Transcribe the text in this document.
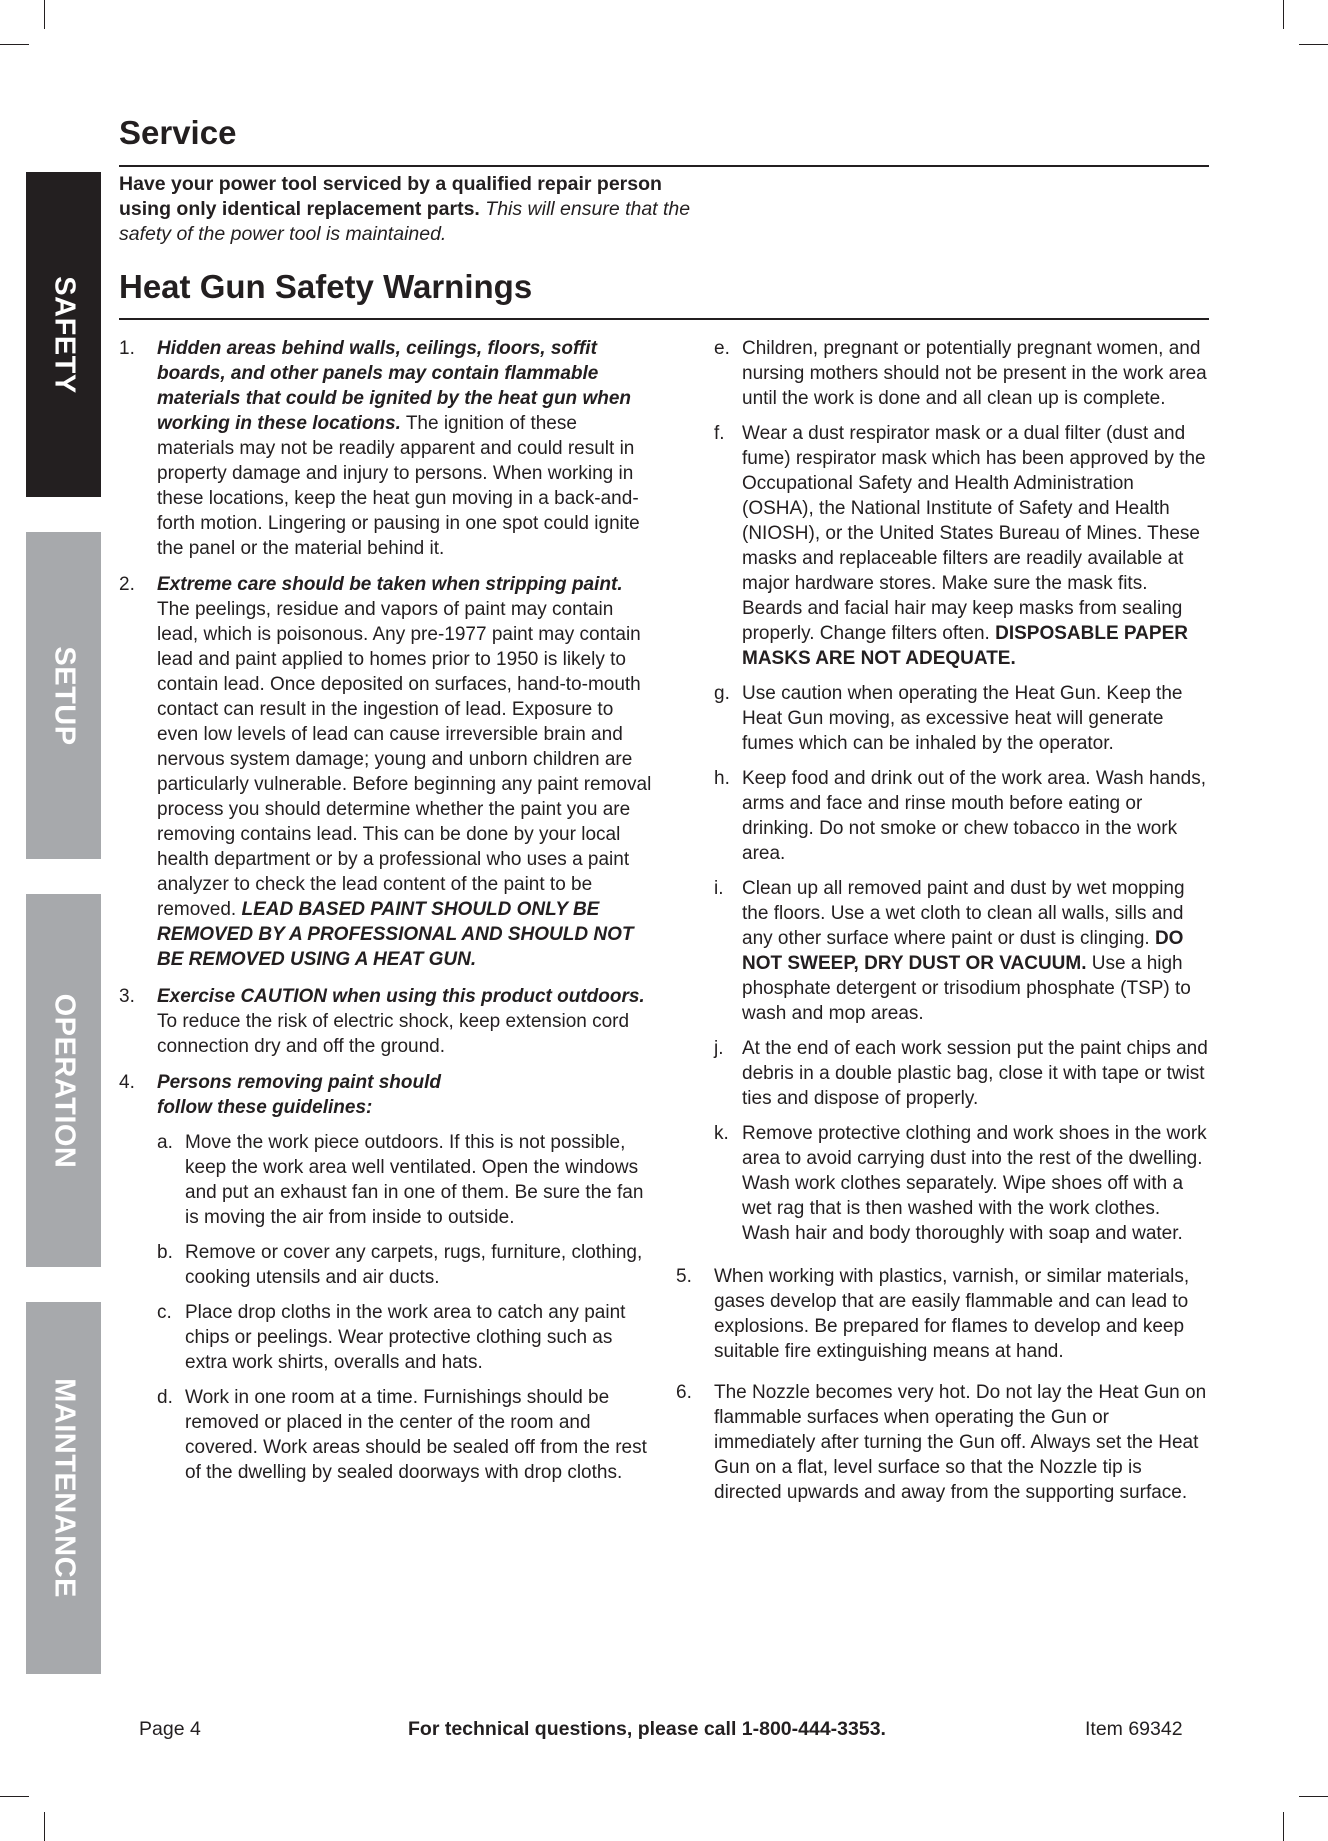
SAFETY
SETUP
OPERATION
MAINTENANCE
Service
Have your power tool serviced by a qualified repair person using only identical replacement parts. This will ensure that the safety of the power tool is maintained.
Heat Gun Safety Warnings
1. Hidden areas behind walls, ceilings, floors, soffit boards, and other panels may contain flammable materials that could be ignited by the heat gun when working in these locations. The ignition of these materials may not be readily apparent and could result in property damage and injury to persons. When working in these locations, keep the heat gun moving in a back-and-forth motion. Lingering or pausing in one spot could ignite the panel or the material behind it.
2. Extreme care should be taken when stripping paint. The peelings, residue and vapors of paint may contain lead, which is poisonous. Any pre-1977 paint may contain lead and paint applied to homes prior to 1950 is likely to contain lead. Once deposited on surfaces, hand-to-mouth contact can result in the ingestion of lead. Exposure to even low levels of lead can cause irreversible brain and nervous system damage; young and unborn children are particularly vulnerable. Before beginning any paint removal process you should determine whether the paint you are removing contains lead. This can be done by your local health department or by a professional who uses a paint analyzer to check the lead content of the paint to be removed. LEAD BASED PAINT SHOULD ONLY BE REMOVED BY A PROFESSIONAL AND SHOULD NOT BE REMOVED USING A HEAT GUN.
3. Exercise CAUTION when using this product outdoors. To reduce the risk of electric shock, keep extension cord connection dry and off the ground.
4. Persons removing paint should follow these guidelines:
a. Move the work piece outdoors. If this is not possible, keep the work area well ventilated. Open the windows and put an exhaust fan in one of them. Be sure the fan is moving the air from inside to outside.
b. Remove or cover any carpets, rugs, furniture, clothing, cooking utensils and air ducts.
c. Place drop cloths in the work area to catch any paint chips or peelings. Wear protective clothing such as extra work shirts, overalls and hats.
d. Work in one room at a time. Furnishings should be removed or placed in the center of the room and covered. Work areas should be sealed off from the rest of the dwelling by sealed doorways with drop cloths.
e. Children, pregnant or potentially pregnant women, and nursing mothers should not be present in the work area until the work is done and all clean up is complete.
f. Wear a dust respirator mask or a dual filter (dust and fume) respirator mask which has been approved by the Occupational Safety and Health Administration (OSHA), the National Institute of Safety and Health (NIOSH), or the United States Bureau of Mines. These masks and replaceable filters are readily available at major hardware stores. Make sure the mask fits. Beards and facial hair may keep masks from sealing properly. Change filters often. DISPOSABLE PAPER MASKS ARE NOT ADEQUATE.
g. Use caution when operating the Heat Gun. Keep the Heat Gun moving, as excessive heat will generate fumes which can be inhaled by the operator.
h. Keep food and drink out of the work area. Wash hands, arms and face and rinse mouth before eating or drinking. Do not smoke or chew tobacco in the work area.
i. Clean up all removed paint and dust by wet mopping the floors. Use a wet cloth to clean all walls, sills and any other surface where paint or dust is clinging. DO NOT SWEEP, DRY DUST OR VACUUM. Use a high phosphate detergent or trisodium phosphate (TSP) to wash and mop areas.
j. At the end of each work session put the paint chips and debris in a double plastic bag, close it with tape or twist ties and dispose of properly.
k. Remove protective clothing and work shoes in the work area to avoid carrying dust into the rest of the dwelling. Wash work clothes separately. Wipe shoes off with a wet rag that is then washed with the work clothes. Wash hair and body thoroughly with soap and water.
5. When working with plastics, varnish, or similar materials, gases develop that are easily flammable and can lead to explosions. Be prepared for flames to develop and keep suitable fire extinguishing means at hand.
6. The Nozzle becomes very hot. Do not lay the Heat Gun on flammable surfaces when operating the Gun or immediately after turning the Gun off. Always set the Heat Gun on a flat, level surface so that the Nozzle tip is directed upwards and away from the supporting surface.
Page 4	For technical questions, please call 1-800-444-3353.	Item 69342
